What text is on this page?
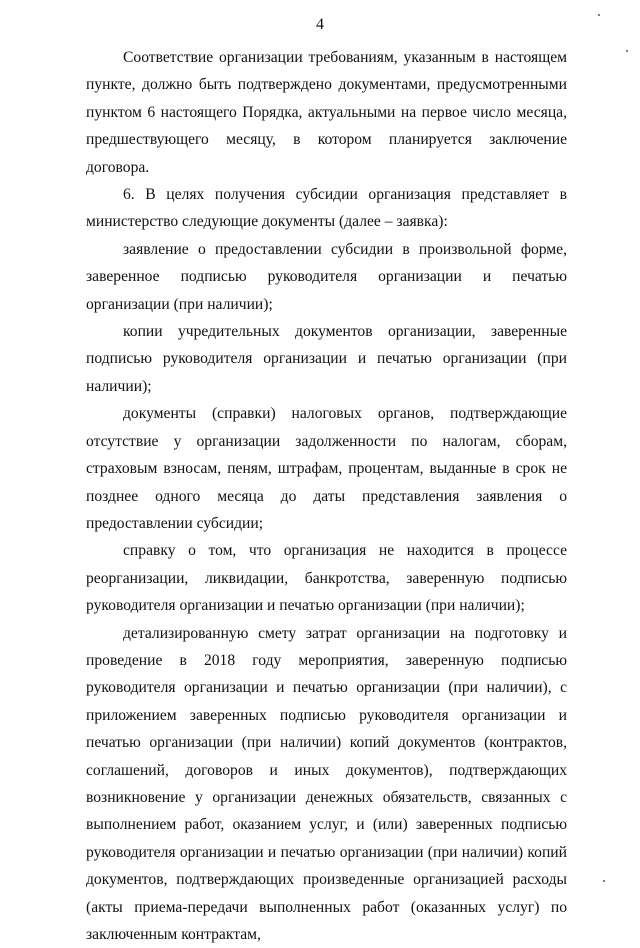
4

Соответствие организации требованиям, указанным в настоящем пункте, должно быть подтверждено документами, предусмотренными пунктом 6 настоящего Порядка, актуальными на первое число месяца, предшествующего месяцу, в котором планируется заключение договора.

6. В целях получения субсидии организация представляет в министерство следующие документы (далее – заявка):

заявление о предоставлении субсидии в произвольной форме, заверенное подписью руководителя организации и печатью организации (при наличии);

копии учредительных документов организации, заверенные подписью руководителя организации и печатью организации (при наличии);

документы (справки) налоговых органов, подтверждающие отсутствие у организации задолженности по налогам, сборам, страховым взносам, пеням, штрафам, процентам, выданные в срок не позднее одного месяца до даты представления заявления о предоставлении субсидии;

справку о том, что организация не находится в процессе реорганизации, ликвидации, банкротства, заверенную подписью руководителя организации и печатью организации (при наличии);

детализированную смету затрат организации на подготовку и проведение в 2018 году мероприятия, заверенную подписью руководителя организации и печатью организации (при наличии), с приложением заверенных подписью руководителя организации и печатью организации (при наличии) копий документов (контрактов, соглашений, договоров и иных документов), подтверждающих возникновение у организации денежных обязательств, связанных с выполнением работ, оказанием услуг, и (или) заверенных подписью руководителя организации и печатью организации (при наличии) копий документов, подтверждающих произведенные организацией расходы (акты приема-передачи выполненных работ (оказанных услуг) по заключенным контрактам,
